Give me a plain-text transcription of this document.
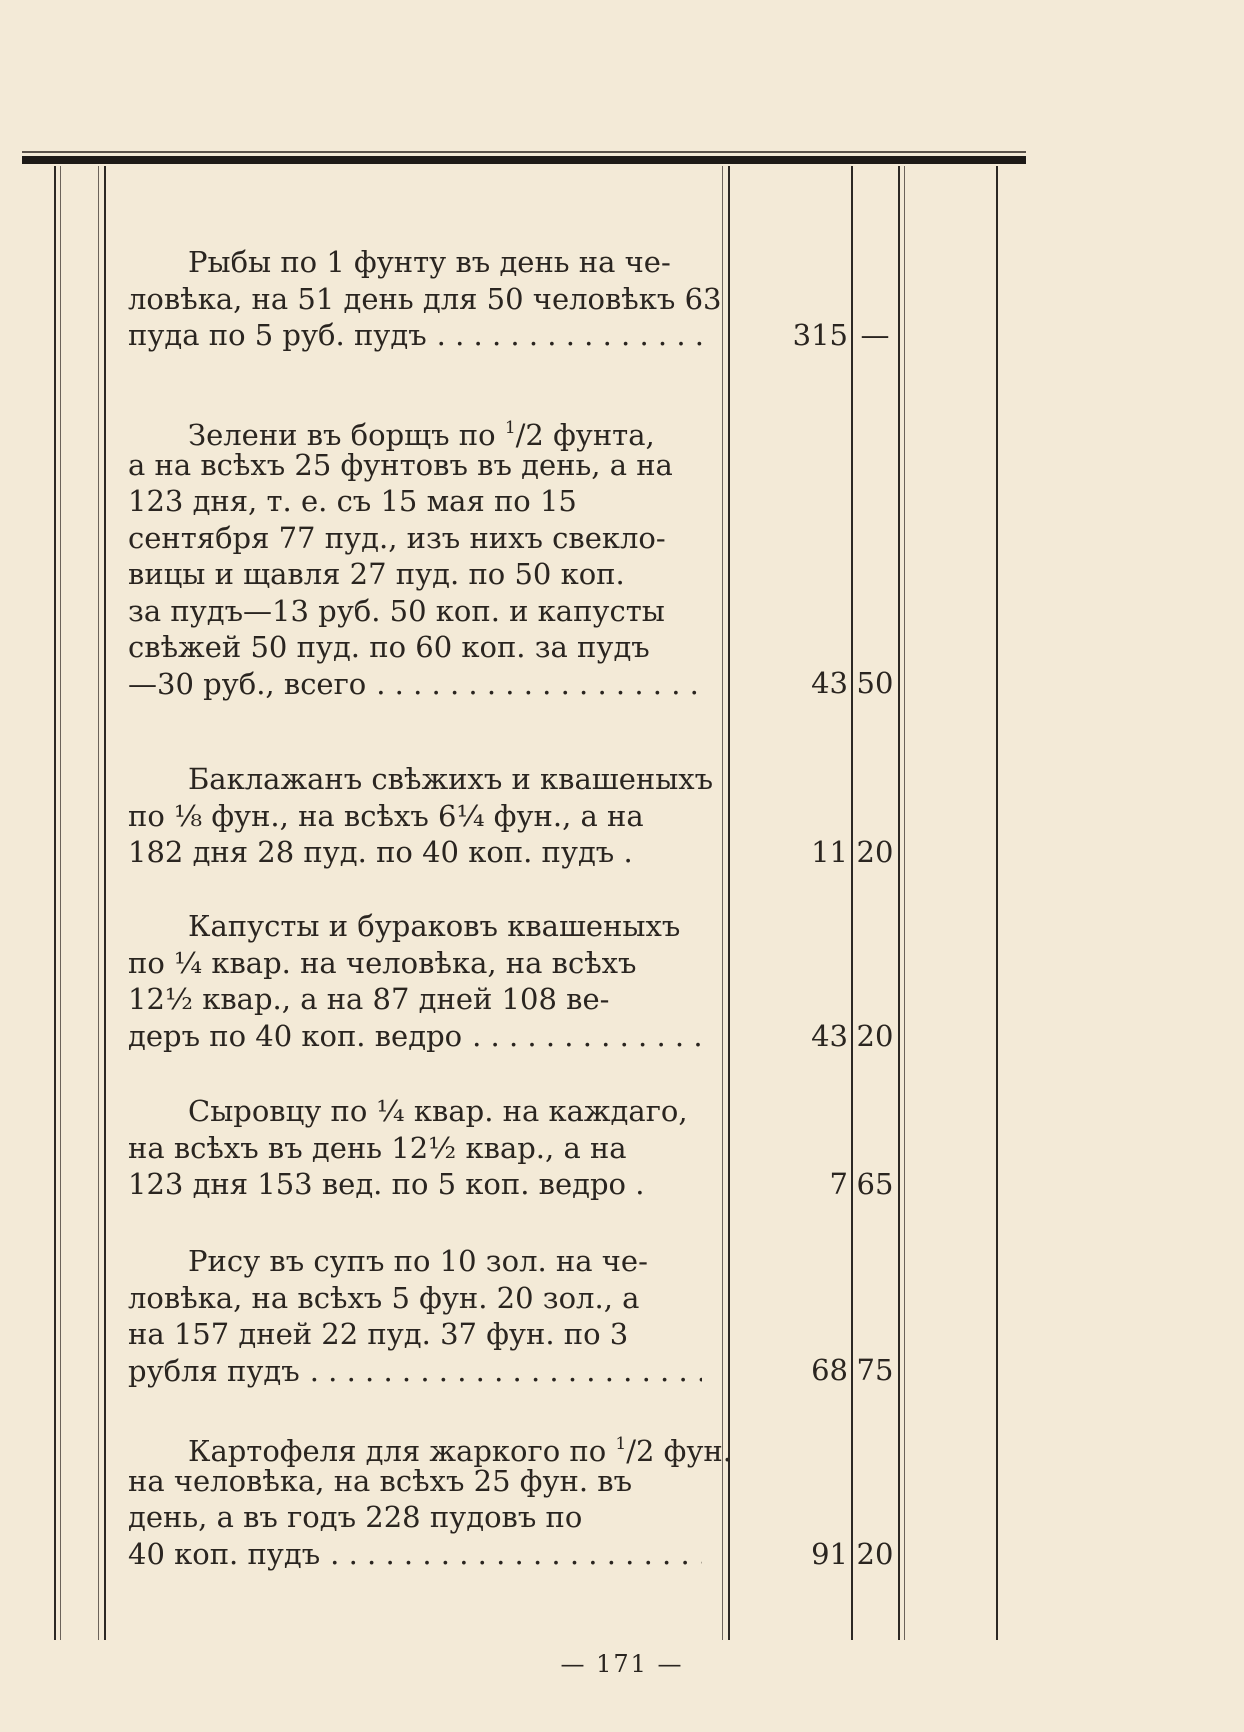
Рыбы по 1 фунту въ день на че-
ловѣка, на 51 день для 50 человѣкъ 63
пуда по 5 руб. пудъ . . .	315 —
Зелени въ борщъ по $^1$/2 фунта,
а на всѣхъ 25 фунтовъ въ день, а на
123 дня, т. е. съ 15 мая по 15
сентября 77 пуд., изъ нихъ свекло-
вицы и щавля 27 пуд. по 50 коп.
за пудъ—13 руб. 50 коп. и капусты
свѣжей 50 пуд. по 60 коп. за пудъ
—30 руб., всего . . .	43 50
Баклажанъ свѣжихъ и квашеныхъ
по ⅛ фун., на всѣхъ 6¼ фун., а на
182 дня 28 пуд. по 40 коп. пудъ .	11 20
Капусты и бураковъ квашеныхъ
по ¼ квар. на человѣка, на всѣхъ
12½ квар., а на 87 дней 108 ве-
деръ по 40 коп. ведро . . .	43 20
Сыровцу по ¼ квар. на каждаго,
на всѣхъ въ день 12½ квар., а на
123 дня 153 вед. по 5 коп. ведро .	7 65
Рису въ супъ по 10 зол. на че-
ловѣка, на всѣхъ 5 фун. 20 зол., а
на 157 дней 22 пуд. 37 фун. по 3
рубля пудъ . . .	68 75
Картофеля для жаркого по $^1$/2 фун.
на человѣка, на всѣхъ 25 фун. въ
день, а въ годъ 228 пудовъ по
40 коп. пудъ . . .	91 20
— 171 —
